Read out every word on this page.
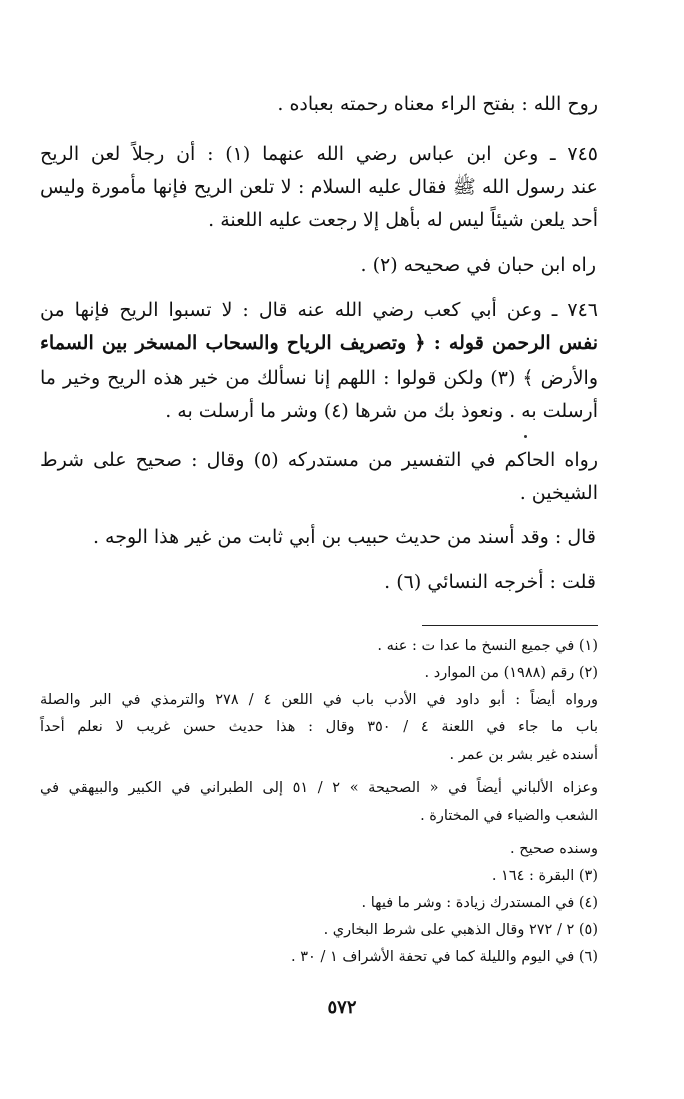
روح الله : بفتح الراء معناه رحمته بعباده .
٧٤٥ ـ وعن ابن عباس رضي الله عنهما (١) : أن رجلاً لعن الريح
عند رسول الله ﷺ فقال عليه السلام : لا تلعن الريح فإنها مأمورة وليس
أحد يلعن شيئاً ليس له بأهل إلا رجعت عليه اللعنة .
راه ابن حبان في صحيحه (٢) .
٧٤٦ ـ وعن أبي كعب رضي الله عنه قال : لا تسبوا الريح فإنها من
نفس الرحمن قوله : ﴿ وتصريف الرياح والسحاب المسخر بين السماء
والأرض ﴾ (٣) ولكن قولوا : اللهم إنا نسألك من خير هذه الريح وخير ما
أرسلت به . ونعوذ بك من شرها (٤) وشر ما أرسلت به .
رواه الحاكم في التفسير من مستدركه (٥) وقال : صحيح على شرط
الشيخين .
قال : وقد أسند من حديث حبيب بن أبي ثابت من غير هذا الوجه .
قلت : أخرجه النسائي (٦) .
(١) في جميع النسخ ما عدا ت : عنه .
(٢) رقم (١٩٨٨) من الموارد .
ورواه أيضاً : أبو داود في الأدب باب في اللعن ٤ / ٢٧٨ والترمذي في البر والصلة
باب ما جاء في اللعنة ٤ / ٣٥٠ وقال : هذا حديث حسن غريب لا نعلم أحداً
أسنده غير بشر بن عمر .
وعزاه الألباني أيضاً في « الصحيحة » ٢ / ٥١ إلى الطبراني في الكبير والبيهقي في
الشعب والضياء في المختارة .
وسنده صحيح .
(٣) البقرة : ١٦٤ .
(٤) في المستدرك زيادة : وشر ما فيها .
(٥) ٢ / ٢٧٢ وقال الذهبي على شرط البخاري .
(٦) في اليوم والليلة كما في تحفة الأشراف ١ / ٣٠ .
٥٧٢
